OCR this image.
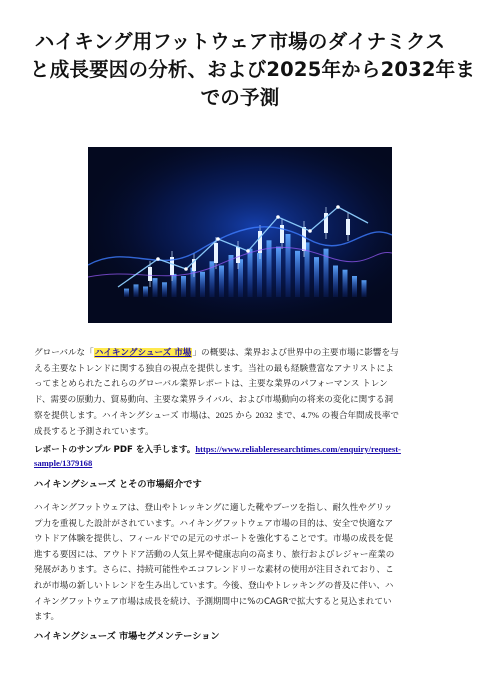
ハイキング用フットウェア市場のダイナミクス
と成長要因の分析、および2025年から2032年ま
での予測

グローバルな「ハイキングシューズ 市場」の概要は、業界および世界中の主要市場に影響を与
える主要なトレンドに関する独自の視点を提供します。当社の最も経験豊富なアナリストによ
ってまとめられたこれらのグローバル業界レポートは、主要な業界のパフォーマンス トレン
ド、需要の原動力、貿易動向、主要な業界ライバル、および市場動向の将来の変化に関する洞
察を提供します。ハイキングシューズ 市場は、2025 から 2032 まで、4.7% の複合年間成長率で
成長すると予測されています。

レポートのサンプル PDF を入手します。https://www.reliableresearchtimes.com/enquiry/request-
sample/1379168

ハイキングシューズ とその市場紹介です

ハイキングフットウェアは、登山やトレッキングに適した靴やブーツを指し、耐久性やグリッ
プ力を重視した設計がされています。ハイキングフットウェア市場の目的は、安全で快適なア
ウトドア体験を提供し、フィールドでの足元のサポートを強化することです。市場の成長を促
進する要因には、アウトドア活動の人気上昇や健康志向の高まり、旅行およびレジャー産業の
発展があります。さらに、持続可能性やエコフレンドリーな素材の使用が注目されており、こ
れが市場の新しいトレンドを生み出しています。今後、登山やトレッキングの普及に伴い、ハ
イキングフットウェア市場は成長を続け、予測期間中に%のCAGRで拡大すると見込まれてい
ます。

ハイキングシューズ 市場セグメンテーション
